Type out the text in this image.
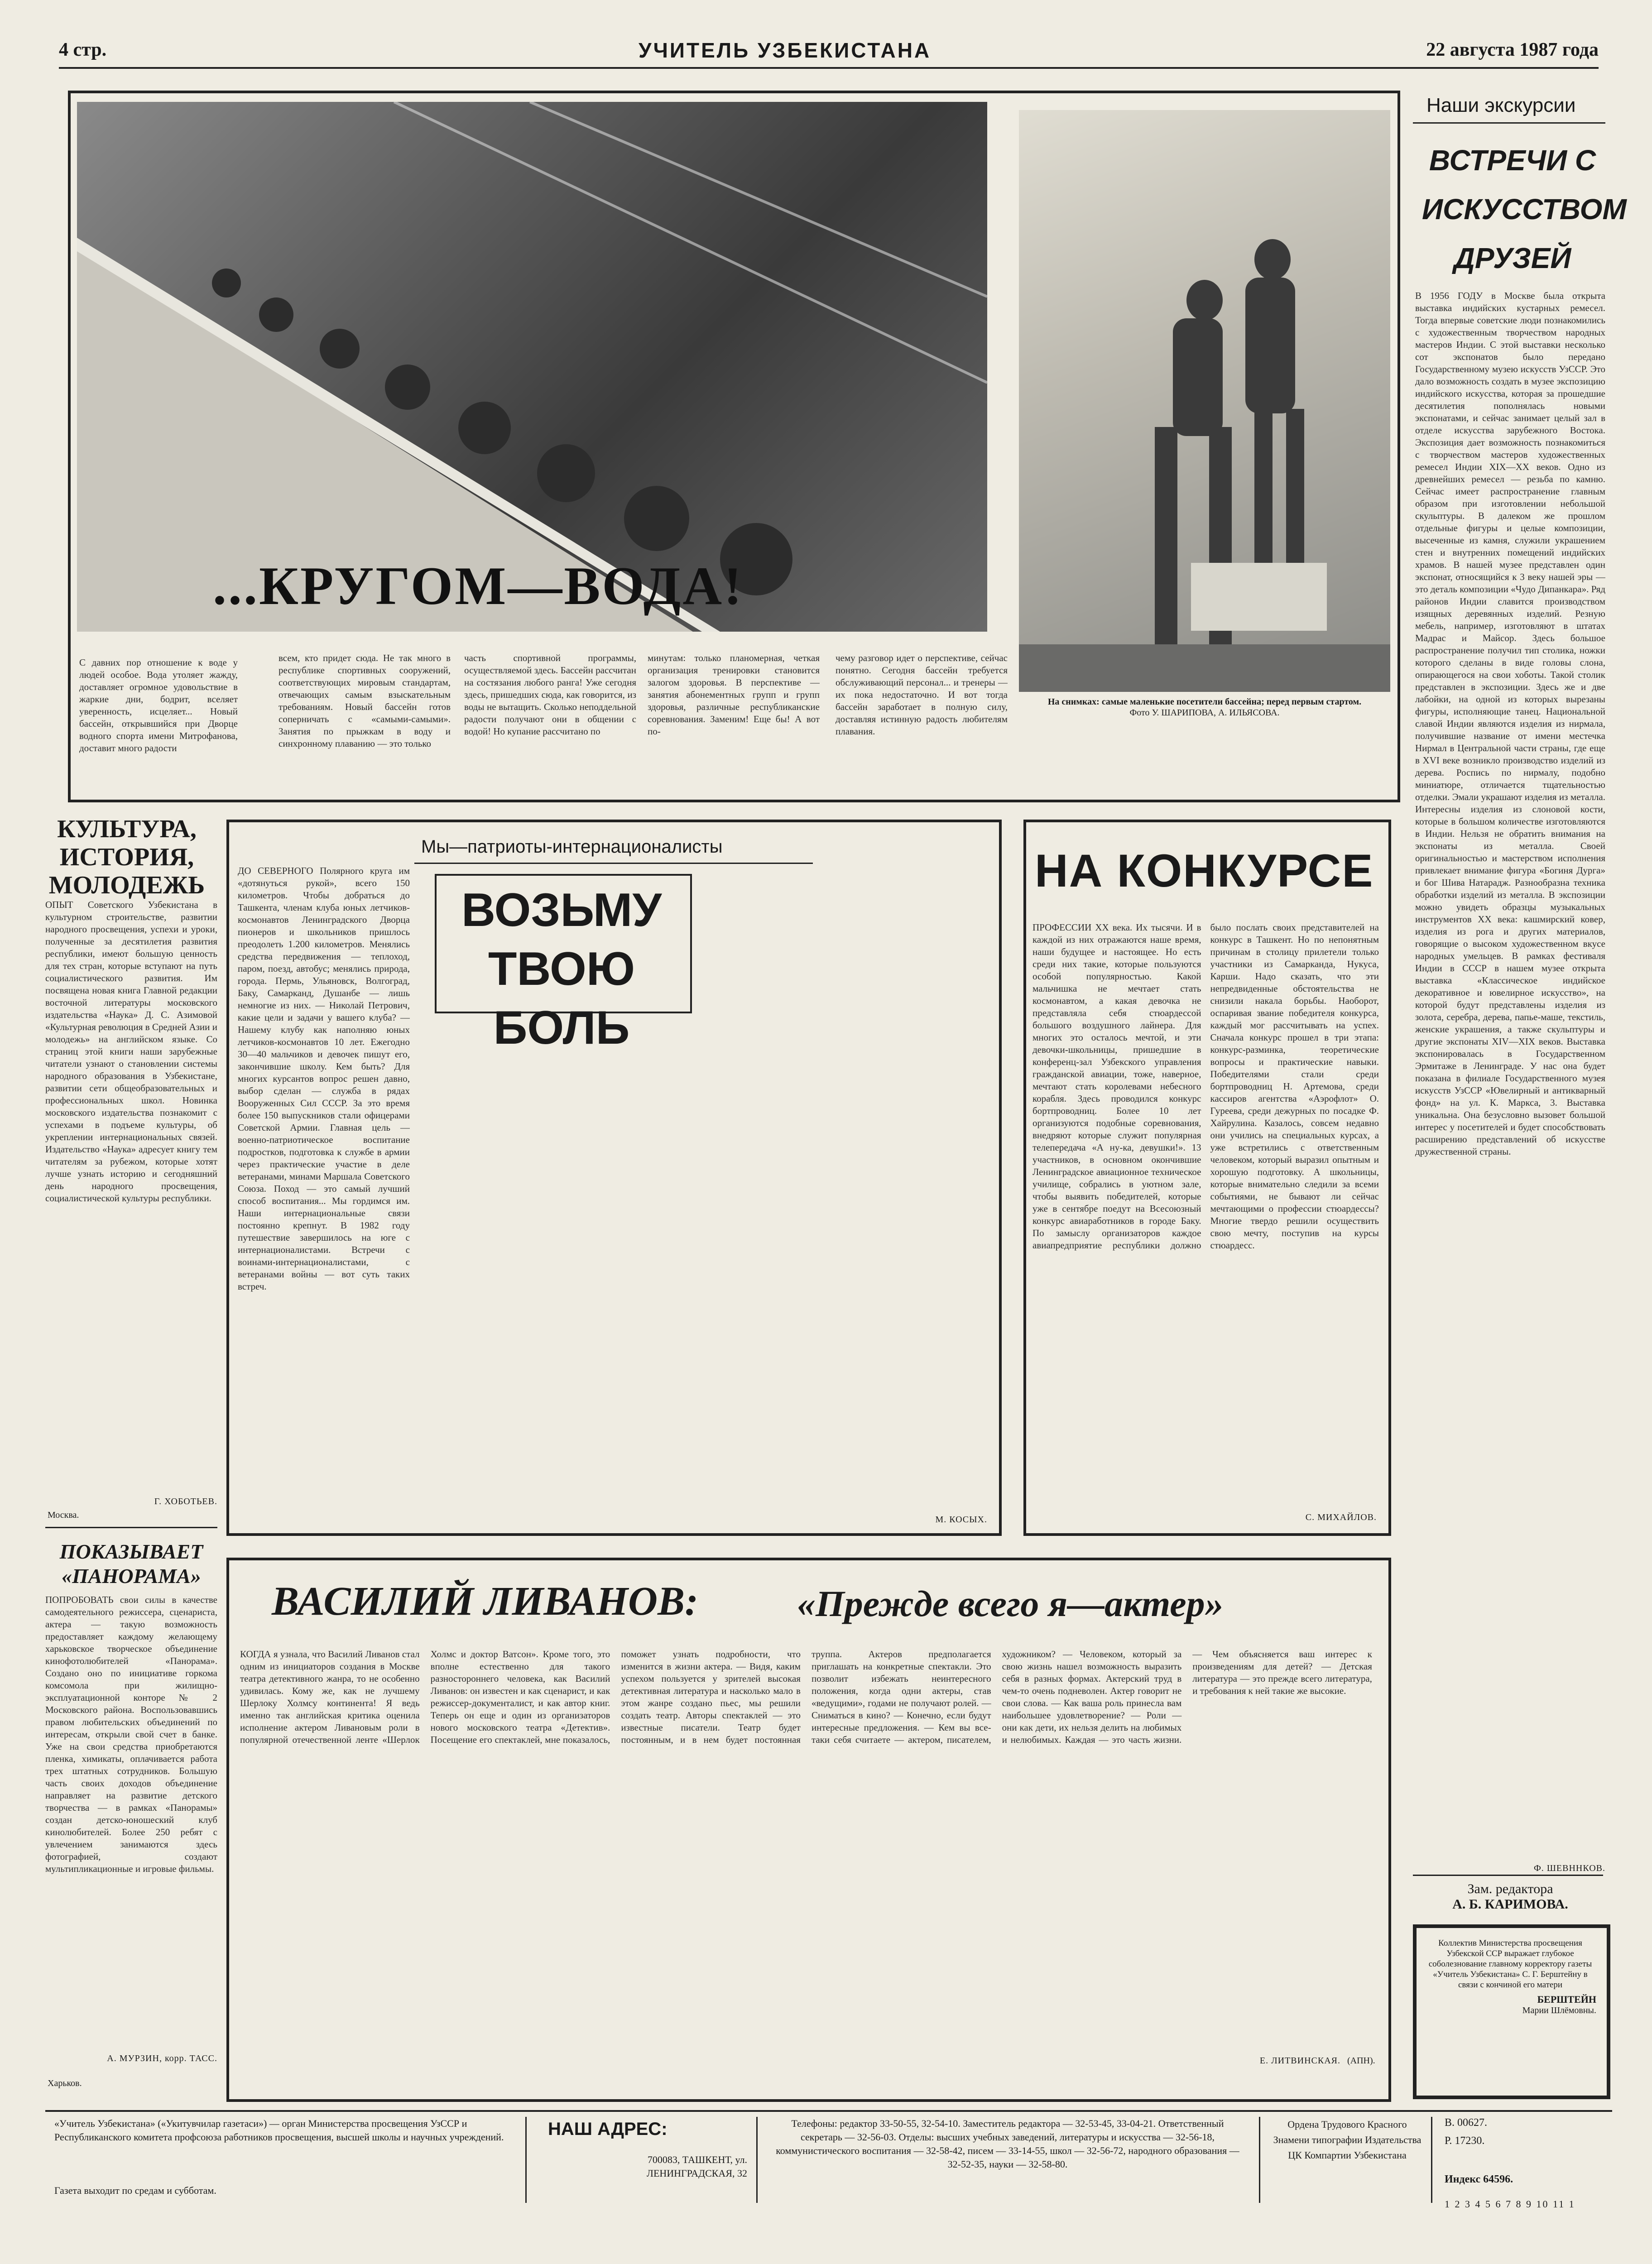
4 стр.	УЧИТЕЛЬ УЗБЕКИСТАНА	22 августа 1987 года
...КРУГОМ—ВОДА!
На снимках: самые маленькие посетители бассейна; перед первым стартом.
Фото У. ШАРИПОВА, А. ИЛЬЯСОВА.
С давних пор отношение к воде у людей особое. Вода утоляет жажду, доставляет огромное удовольствие в жаркие дни, бодрит, вселяет уверенность, исцеляет... Новый бассейн, открывшийся при Дворце водного спорта имени Митрофанова, доставит много радости
всем, кто придет сюда. Не так много в республике спортивных сооружений, соответствующих мировым стандартам, отвечающих самым взыскательным требованиям. Новый бассейн готов соперничать с «самыми-самыми». Занятия по прыжкам в воду и синхронному плаванию — это только
часть спортивной программы, осуществляемой здесь. Бассейн рассчитан на состязания любого ранга! Уже сегодня здесь, пришедших сюда, как говорится, из воды не вытащить. Сколько неподдельной радости получают они в общении с водой! Но купание рассчитано по
минутам: только планомерная, четкая организация тренировки становится залогом здоровья. В перспективе — занятия абонементных групп и групп здоровья, различные республиканские соревнования. Заменим! Еще бы! А вот по-
чему разговор идет о перспективе, сейчас понятно. Сегодня бассейн требуется обслуживающий персонал... и тренеры — их пока недостаточно. И вот тогда бассейн заработает в полную силу, доставляя истинную радость любителям плавания.
Наши экскурсии
ВСТРЕЧИ С ИСКУССТВОМ ДРУЗЕЙ
В 1956 ГОДУ в Москве была открыта выставка индийских кустарных ремесел. Тогда впервые советские люди познакомились с художественным творчеством народных мастеров Индии. С этой выставки несколько сот экспонатов было передано Государственному музею искусств УзССР. Это дало возможность создать в музее экспозицию индийского искусства, которая за прошедшие десятилетия пополнялась новыми экспонатами, и сейчас занимает целый зал в отделе искусства зарубежного Востока. Экспозиция дает возможность познакомиться с творчеством мастеров художественных ремесел Индии XIX—XX веков. Одно из древнейших ремесел — резьба по камню. Сейчас имеет распространение главным образом при изготовлении небольшой скульптуры. В далеком же прошлом отдельные фигуры и целые композиции, высеченные из камня, служили украшением стен и внутренних помещений индийских храмов. В нашей музее представлен один экспонат, относящийся к 3 веку нашей эры — это деталь композиции «Чудо Дипанкара». Ряд районов Индии славится производством изящных деревянных изделий. Резную мебель, например, изготовляют в штатах Мадрас и Майсор. Здесь большое распространение получил тип столика, ножки которого сделаны в виде головы слона, опирающегося на свои хоботы. Такой столик представлен в экспозиции. Здесь же и две лабойки, на одной из которых вырезаны фигуры, исполняющие танец. Национальной славой Индии являются изделия из нирмала, получившие название от имени местечка Нирмал в Центральной части страны, где еще в XVI веке возникло производство изделий из дерева. Роспись по нирмалу, подобно миниатюре, отличается тщательностью отделки. Эмали украшают изделия из металла. Интересны изделия из слоновой кости, которые в большом количестве изготовляются в Индии. Нельзя не обратить внимания на экспонаты из металла. Своей оригинальностью и мастерством исполнения привлекает внимание фигура «Богиня Дурга» и бог Шива Натарадж. Разнообразна техника обработки изделий из металла. В экспозиции можно увидеть образцы музыкальных инструментов XX века: кашмирский ковер, изделия из рога и других материалов, говорящие о высоком художественном вкусе народных умельцев. В рамках фестиваля Индии в СССР в нашем музее открыта выставка «Классическое индийское декоративное и ювелирное искусство», на которой будут представлены изделия из золота, серебра, дерева, папье-маше, текстиль, женские украшения, а также скульптуры и другие экспонаты XIV—XIX веков. Выставка экспонировалась в Государственном Эрмитаже в Ленинграде. У нас она будет показана в филиале Государственного музея искусств УзССР «Ювелирный и антикварный фонд» на ул. К. Маркса, 3. Выставка уникальна. Она безусловно вызовет большой интерес у посетителей и будет способствовать расширению представлений об искусстве дружественной страны.
Ф. ШЕВННКОВ.
КУЛЬТУРА, ИСТОРИЯ, МОЛОДЕЖЬ
ОПЫТ Советского Узбекистана в культурном строительстве, развитии народного просвещения, успехи и уроки, полученные за десятилетия развития республики, имеют большую ценность для тех стран, которые вступают на путь социалистического развития. Им посвящена новая книга Главной редакции восточной литературы московского издательства «Наука» Д. С. Азимовой «Культурная революция в Средней Азии и молодежь» на английском языке. Со страниц этой книги наши зарубежные читатели узнают о становлении системы народного образования в Узбекистане, развитии сети общеобразовательных и профессиональных школ. Новинка московского издательства познакомит с успехами в подъеме культуры, об укреплении интернациональных связей. Издательство «Наука» адресует книгу тем читателям за рубежом, которые хотят лучше узнать историю и сегодняшний день народного просвещения, социалистической культуры республики.
Г. ХОБОТЬЕВ.
Москва.
ПОКАЗЫВАЕТ «ПАНОРАМА»
ПОПРОБОВАТЬ свои силы в качестве самодеятельного режиссера, сценариста, актера — такую возможность предоставляет каждому желающему харьковское творческое объединение кинофотолюбителей «Панорама». Создано оно по инициативе горкома комсомола при жилищно-эксплуатационной конторе № 2 Московского района. Воспользовавшись правом любительских объединений по интересам, открыли свой счет в банке. Уже на свои средства приобретаются пленка, химикаты, оплачивается работа трех штатных сотрудников. Большую часть своих доходов объединение направляет на развитие детского творчества — в рамках «Панорамы» создан детско-юношеский клуб кинолюбителей. Более 250 ребят с увлечением занимаются здесь фотографией, создают мультипликационные и игровые фильмы.
А. МУРЗИН, корр. ТАСС.
Харьков.
Мы—патриоты-интернационалисты
ВОЗЬМУ ТВОЮ БОЛЬ
ДО СЕВЕРНОГО Полярного круга им «дотянуться рукой», всего 150 километров. Чтобы добраться до Ташкента, членам клуба юных летчиков-космонавтов Ленинградского Дворца пионеров и школьников пришлось преодолеть 1.200 километров. Менялись средства передвижения — теплоход, паром, поезд, автобус; менялись природа, города. Пермь, Ульяновск, Волгоград, Баку, Самарканд, Душанбе — лишь немногие из них. — Николай Петрович, какие цели и задачи у вашего клуба? — Нашему клубу как наполняю юных летчиков-космонавтов 10 лет. Ежегодно 30—40 мальчиков и девочек пишут его, закончившие школу. Кем быть? Для многих курсантов вопрос решен давно, выбор сделан — служба в рядах Вооруженных Сил СССР. За это время более 150 выпускников стали офицерами Советской Армии. Главная цель — военно-патриотическое воспитание подростков, подготовка к службе в армии через практические участие в деле ветеранами, минами Маршала Советского Союза. Поход — это самый лучший способ воспитания... Мы гордимся им. Наши интернациональные связи постоянно крепнут. В 1982 году путешествие завершилось на юге с интернационалистами. Встречи с воинами-интернационалистами, с ветеранами войны — вот суть таких встреч.
М. КОСЫХ.
НА КОНКУРСЕ
ПРОФЕССИИ XX века. Их тысячи. И в каждой из них отражаются наше время, наши будущее и настоящее. Но есть среди них такие, которые пользуются особой популярностью. Какой мальчишка не мечтает стать космонавтом, а какая девочка не представляла себя стюардессой большого воздушного лайнера. Для многих это осталось мечтой, и эти девочки-школьницы, пришедшие в конференц-зал Узбекского управления гражданской авиации, тоже, наверное, мечтают стать королевами небесного корабля. Здесь проводился конкурс бортпроводниц. Более 10 лет организуются подобные соревнования, внедряют которые служит популярная телепередача «А ну-ка, девушки!». 13 участников, в основном окончившие Ленинградское авиационное техническое училище, собрались в уютном зале, чтобы выявить победителей, которые уже в сентябре поедут на Всесоюзный конкурс авиаработников в городе Баку. По замыслу организаторов каждое авиапредприятие республики должно было послать своих представителей на конкурс в Ташкент. Но по непонятным причинам в столицу прилетели только участники из Самарканда, Нукуса, Карши. Надо сказать, что эти непредвиденные обстоятельства не снизили накала борьбы. Наоборот, оспаривая звание победителя конкурса, каждый мог рассчитывать на успех. Сначала конкурс прошел в три этапа: конкурс-разминка, теоретические вопросы и практические навыки. Победителями стали среди бортпроводниц Н. Артемова, среди кассиров агентства «Аэрофлот» О. Гуреева, среди дежурных по посадке Ф. Хайрулина. Казалось, совсем недавно они учились на специальных курсах, а уже встретились с ответственным человеком, который выразил опытным и хорошую подготовку. А школьницы, которые внимательно следили за всеми событиями, не бывают ли сейчас мечтающими о профессии стюардессы? Многие твердо решили осуществить свою мечту, поступив на курсы стюардесс.
С. МИХАЙЛОВ.
ВАСИЛИЙ ЛИВАНОВ:	«Прежде всего я—актер»
КОГДА я узнала, что Василий Ливанов стал одним из инициаторов создания в Москве театра детективного жанра, то не особенно удивилась. Кому же, как не лучшему Шерлоку Холмсу континента! Я ведь именно так английская критика оценила исполнение актером Ливановым роли в популярной отечественной ленте «Шерлок Холмс и доктор Ватсон». Кроме того, это вполне естественно для такого разностороннего человека, как Василий Ливанов: он известен и как сценарист, и как режиссер-документалист, и как автор книг. Теперь он еще и один из организаторов нового московского театра «Детектив». Посещение его спектаклей, мне показалось, поможет узнать подробности, что изменится в жизни актера. — Видя, каким успехом пользуется у зрителей высокая детективная литература и насколько мало в этом жанре создано пьес, мы решили создать театр. Авторы спектаклей — это известные писатели. Театр будет постоянным, и в нем будет постоянная труппа. Актеров предполагается приглашать на конкретные спектакли. Это позволит избежать неинтересного положения, когда одни актеры, став «ведущими», годами не получают ролей. — Сниматься в кино? — Конечно, если будут интересные предложения. — Кем вы все-таки себя считаете — актером, писателем, художником? — Человеком, который за свою жизнь нашел возможность выразить себя в разных формах. Актерский труд в чем-то очень подневолен. Актер говорит не свои слова. — Как ваша роль принесла вам наибольшее удовлетворение? — Роли — они как дети, их нельзя делить на любимых и нелюбимых. Каждая — это часть жизни. — Чем объясняется ваш интерес к произведениям для детей? — Детская литература — это прежде всего литература, и требования к ней такие же высокие.
Е. ЛИТВИНСКАЯ. (АПН).
Зам. редактора
А. Б. КАРИМОВА.
Коллектив Министерства просвещения Узбекской ССР выражает глубокое соболезнование главному корректору газеты «Учитель Узбекистана» С. Г. Берштейну в связи с кончиной его матери
БЕРШТЕЙН
Марии Шлёмовны.
«Учитель Узбекистана» («Укитувчилар газетаси») — орган Министерства просвещения УзССР и Республиканского комитета профсоюза работников просвещения, высшей школы и научных учреждений.
Газета выходит по средам и субботам.
НАШ АДРЕС:
700083, ТАШКЕНТ, ул. ЛЕНИНГРАДСКАЯ, 32
Телефоны: редактор 33-50-55, 32-54-10. Заместитель редактора — 32-53-45, 33-04-21. Ответственный секретарь — 32-56-03. Отделы: высших учебных заведений, литературы и искусства — 32-56-18, коммунистического воспитания — 32-58-42, писем — 33-14-55, школ — 32-56-72, народного образования — 32-52-35, науки — 32-58-80.
Ордена Трудового Красного Знамени типографии Издательства ЦК Компартии Узбекистана
В. 00627.
Р. 17230.
Индекс 64596.
1 2 3 4 5 6 7 8 9 10 11 1
